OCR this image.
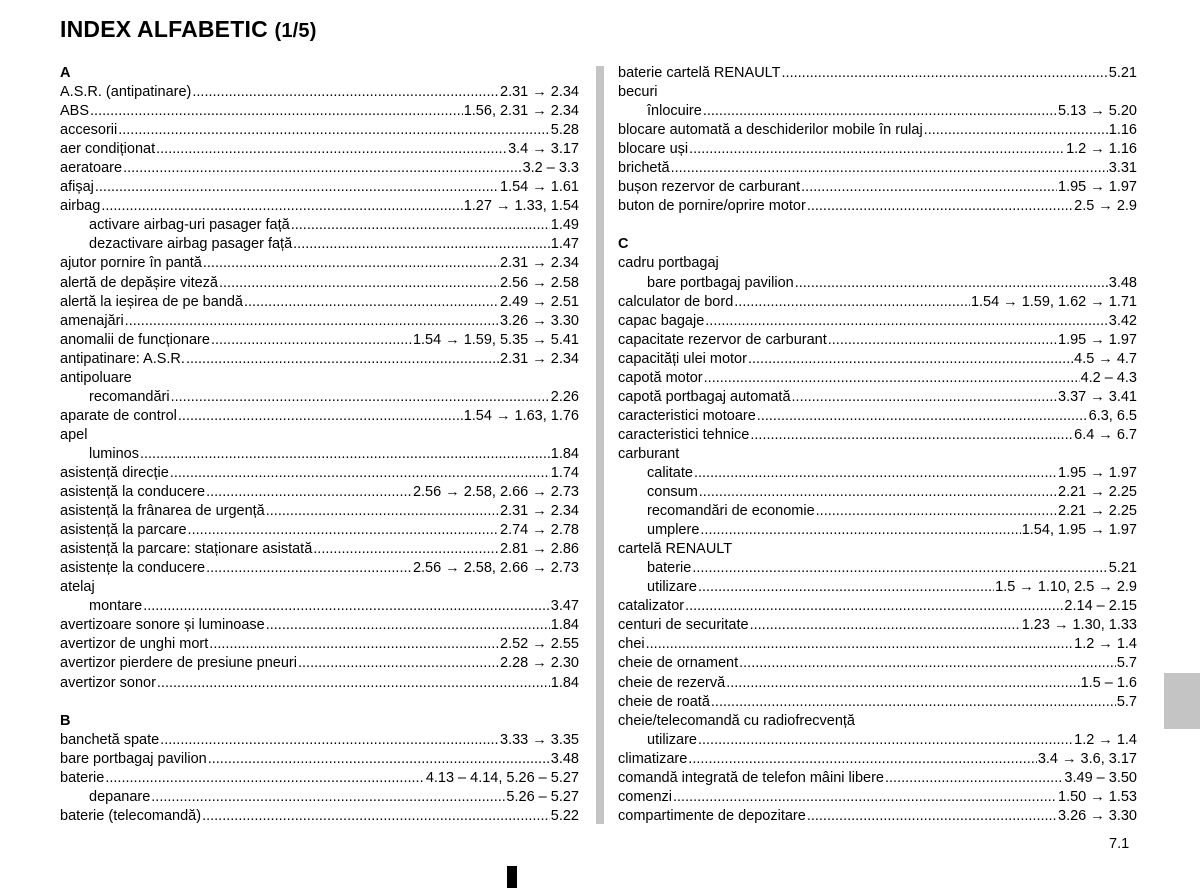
INDEX ALFABETIC (1/5)
A
A.S.R. (antipatinare) .....	2.31 → 2.34
ABS .....	1.56, 2.31 → 2.34
accesorii .....	5.28
aer condiționat .....	3.4 → 3.17
aeratoare .....	3.2 – 3.3
afișaj .....	1.54 → 1.61
airbag .....	1.27 → 1.33, 1.54
activare airbag-uri pasager față .....	1.49
dezactivare airbag pasager față .....	1.47
ajutor pornire în pantă .....	2.31 → 2.34
alertă de depășire viteză .....	2.56 → 2.58
alertă la ieșirea de pe bandă .....	2.49 → 2.51
amenajări .....	3.26 → 3.30
anomalii de funcționare .....	1.54 → 1.59, 5.35 → 5.41
antipatinare: A.S.R. .....	2.31 → 2.34
antipoluare
recomandări .....	2.26
aparate de control .....	1.54 → 1.63, 1.76
apel
luminos .....	1.84
asistență direcție .....	1.74
asistență la conducere .....	2.56 → 2.58, 2.66 → 2.73
asistență la frânarea de urgență .....	2.31 → 2.34
asistență la parcare .....	2.74 → 2.78
asistență la parcare: staționare asistată .....	2.81 → 2.86
asistențe la conducere .....	2.56 → 2.58, 2.66 → 2.73
atelaj
montare .....	3.47
avertizoare sonore și luminoase .....	1.84
avertizor de unghi mort .....	2.52 → 2.55
avertizor pierdere de presiune pneuri .....	2.28 → 2.30
avertizor sonor .....	1.84
B
banchetă spate .....	3.33 → 3.35
bare portbagaj pavilion .....	3.48
baterie .....	4.13 – 4.14, 5.26 – 5.27
depanare .....	5.26 – 5.27
baterie (telecomandă) .....	5.22
baterie cartelă RENAULT .....	5.21
becuri
înlocuire .....	5.13 → 5.20
blocare automată a deschiderilor mobile în rulaj .....	1.16
blocare uși .....	1.2 → 1.16
brichetă .....	3.31
bușon rezervor de carburant .....	1.95 → 1.97
buton de pornire/oprire motor .....	2.5 → 2.9
C
cadru portbagaj
bare portbagaj pavilion .....	3.48
calculator de bord .....	1.54 → 1.59, 1.62 → 1.71
capac bagaje .....	3.42
capacitate rezervor de carburant .....	1.95 → 1.97
capacități ulei motor .....	4.5 → 4.7
capotă motor .....	4.2 – 4.3
capotă portbagaj automată .....	3.37 → 3.41
caracteristici motoare .....	6.3, 6.5
caracteristici tehnice .....	6.4 → 6.7
carburant
calitate .....	1.95 → 1.97
consum .....	2.21 → 2.25
recomandări de economie .....	2.21 → 2.25
umplere .....	1.54, 1.95 → 1.97
cartelă RENAULT
baterie .....	5.21
utilizare .....	1.5 → 1.10, 2.5 → 2.9
catalizator .....	2.14 – 2.15
centuri de securitate .....	1.23 → 1.30, 1.33
chei .....	1.2 → 1.4
cheie de ornament .....	5.7
cheie de rezervă .....	1.5 – 1.6
cheie de roată .....	5.7
cheie/telecomandă cu radiofrecvență
utilizare .....	1.2 → 1.4
climatizare .....	3.4 → 3.6, 3.17
comandă integrată de telefon mâini libere .....	3.49 – 3.50
comenzi .....	1.50 → 1.53
compartimente de depozitare .....	3.26 → 3.30
7.1
